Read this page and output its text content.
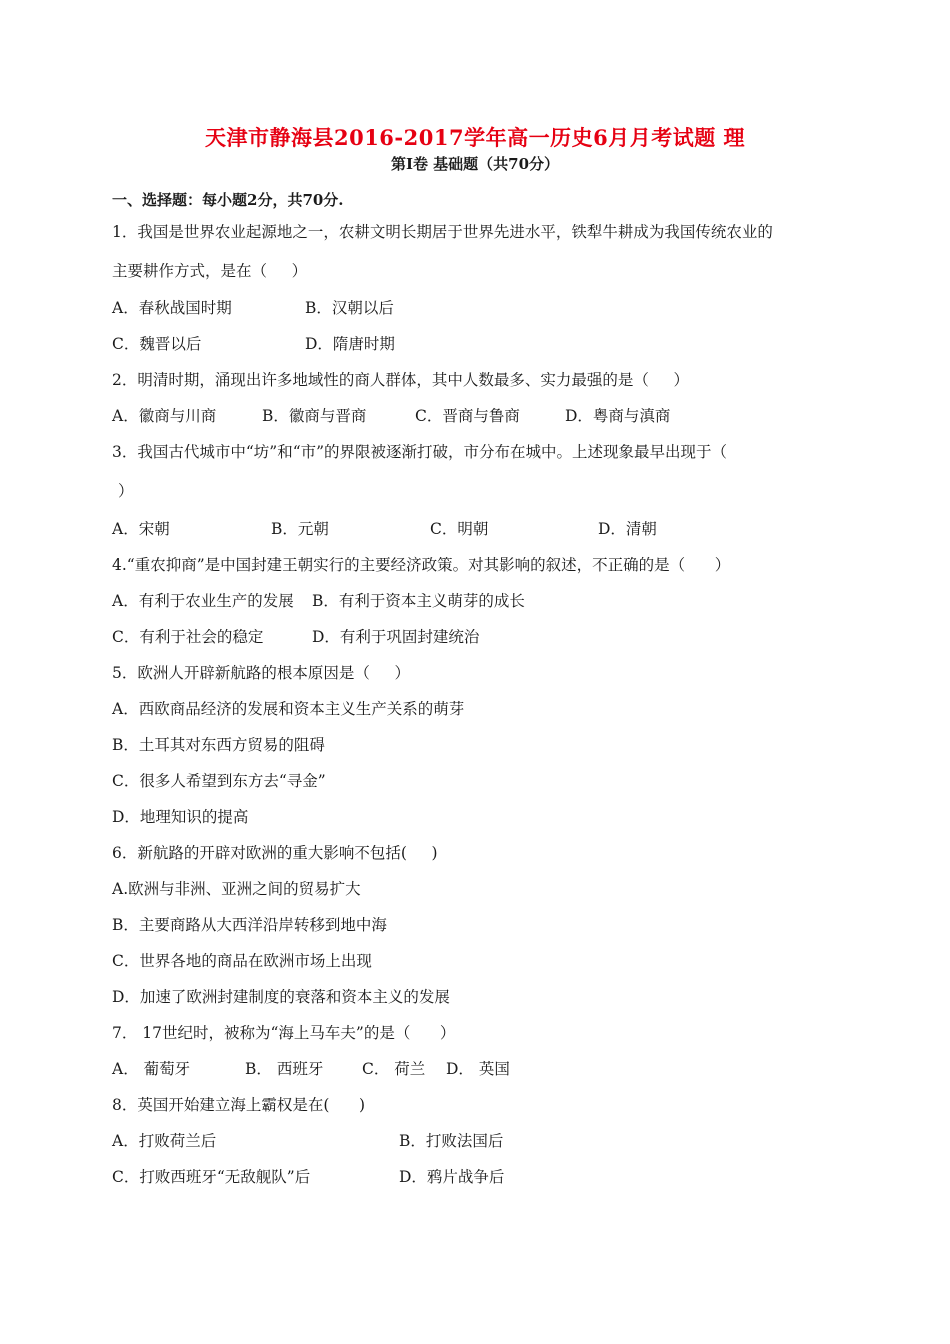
天津市静海县2016-2017学年高一历史6月月考试题 理
第Ⅰ卷 基础题（共70分）
一、选择题：每小题2分，共70分.
1．我国是世界农业起源地之一，农耕文明长期居于世界先进水平，铁犁牛耕成为我国传统农业的
主要耕作方式，是在（     ）
A．春秋战国时期	B．汉朝以后
C．魏晋以后	D．隋唐时期
2．明清时期，涌现出许多地域性的商人群体，其中人数最多、实力最强的是（     ）
A．徽商与川商	B．徽商与晋商	C．晋商与鲁商	D．粤商与滇商
3．我国古代城市中“坊”和“市”的界限被逐渐打破，市分布在城中。上述现象最早出现于（
）
A．宋朝	B．元朝	C．明朝	D．清朝
4.“重农抑商”是中国封建王朝实行的主要经济政策。对其影响的叙述，不正确的是（      ）
A．有利于农业生产的发展 B．有利于资本主义萌芽的成长
C．有利于社会的稳定	D．有利于巩固封建统治
5．欧洲人开辟新航路的根本原因是（     ）
A．西欧商品经济的发展和资本主义生产关系的萌芽
B．土耳其对东西方贸易的阻碍
C．很多人希望到东方去“寻金”
D．地理知识的提高
6．新航路的开辟对欧洲的重大影响不包括(     )
A.欧洲与非洲、亚洲之间的贸易扩大
B．主要商路从大西洋沿岸转移到地中海
C．世界各地的商品在欧洲市场上出现
D．加速了欧洲封建制度的衰落和资本主义的发展
7． 17世纪时，被称为“海上马车夫”的是（      ）
A． 葡萄牙	B． 西班牙 C． 荷兰 D． 英国
8．英国开始建立海上霸权是在(      )
A．打败荷兰后	B．打败法国后
C．打败西班牙“无敌舰队”后	D．鸦片战争后
